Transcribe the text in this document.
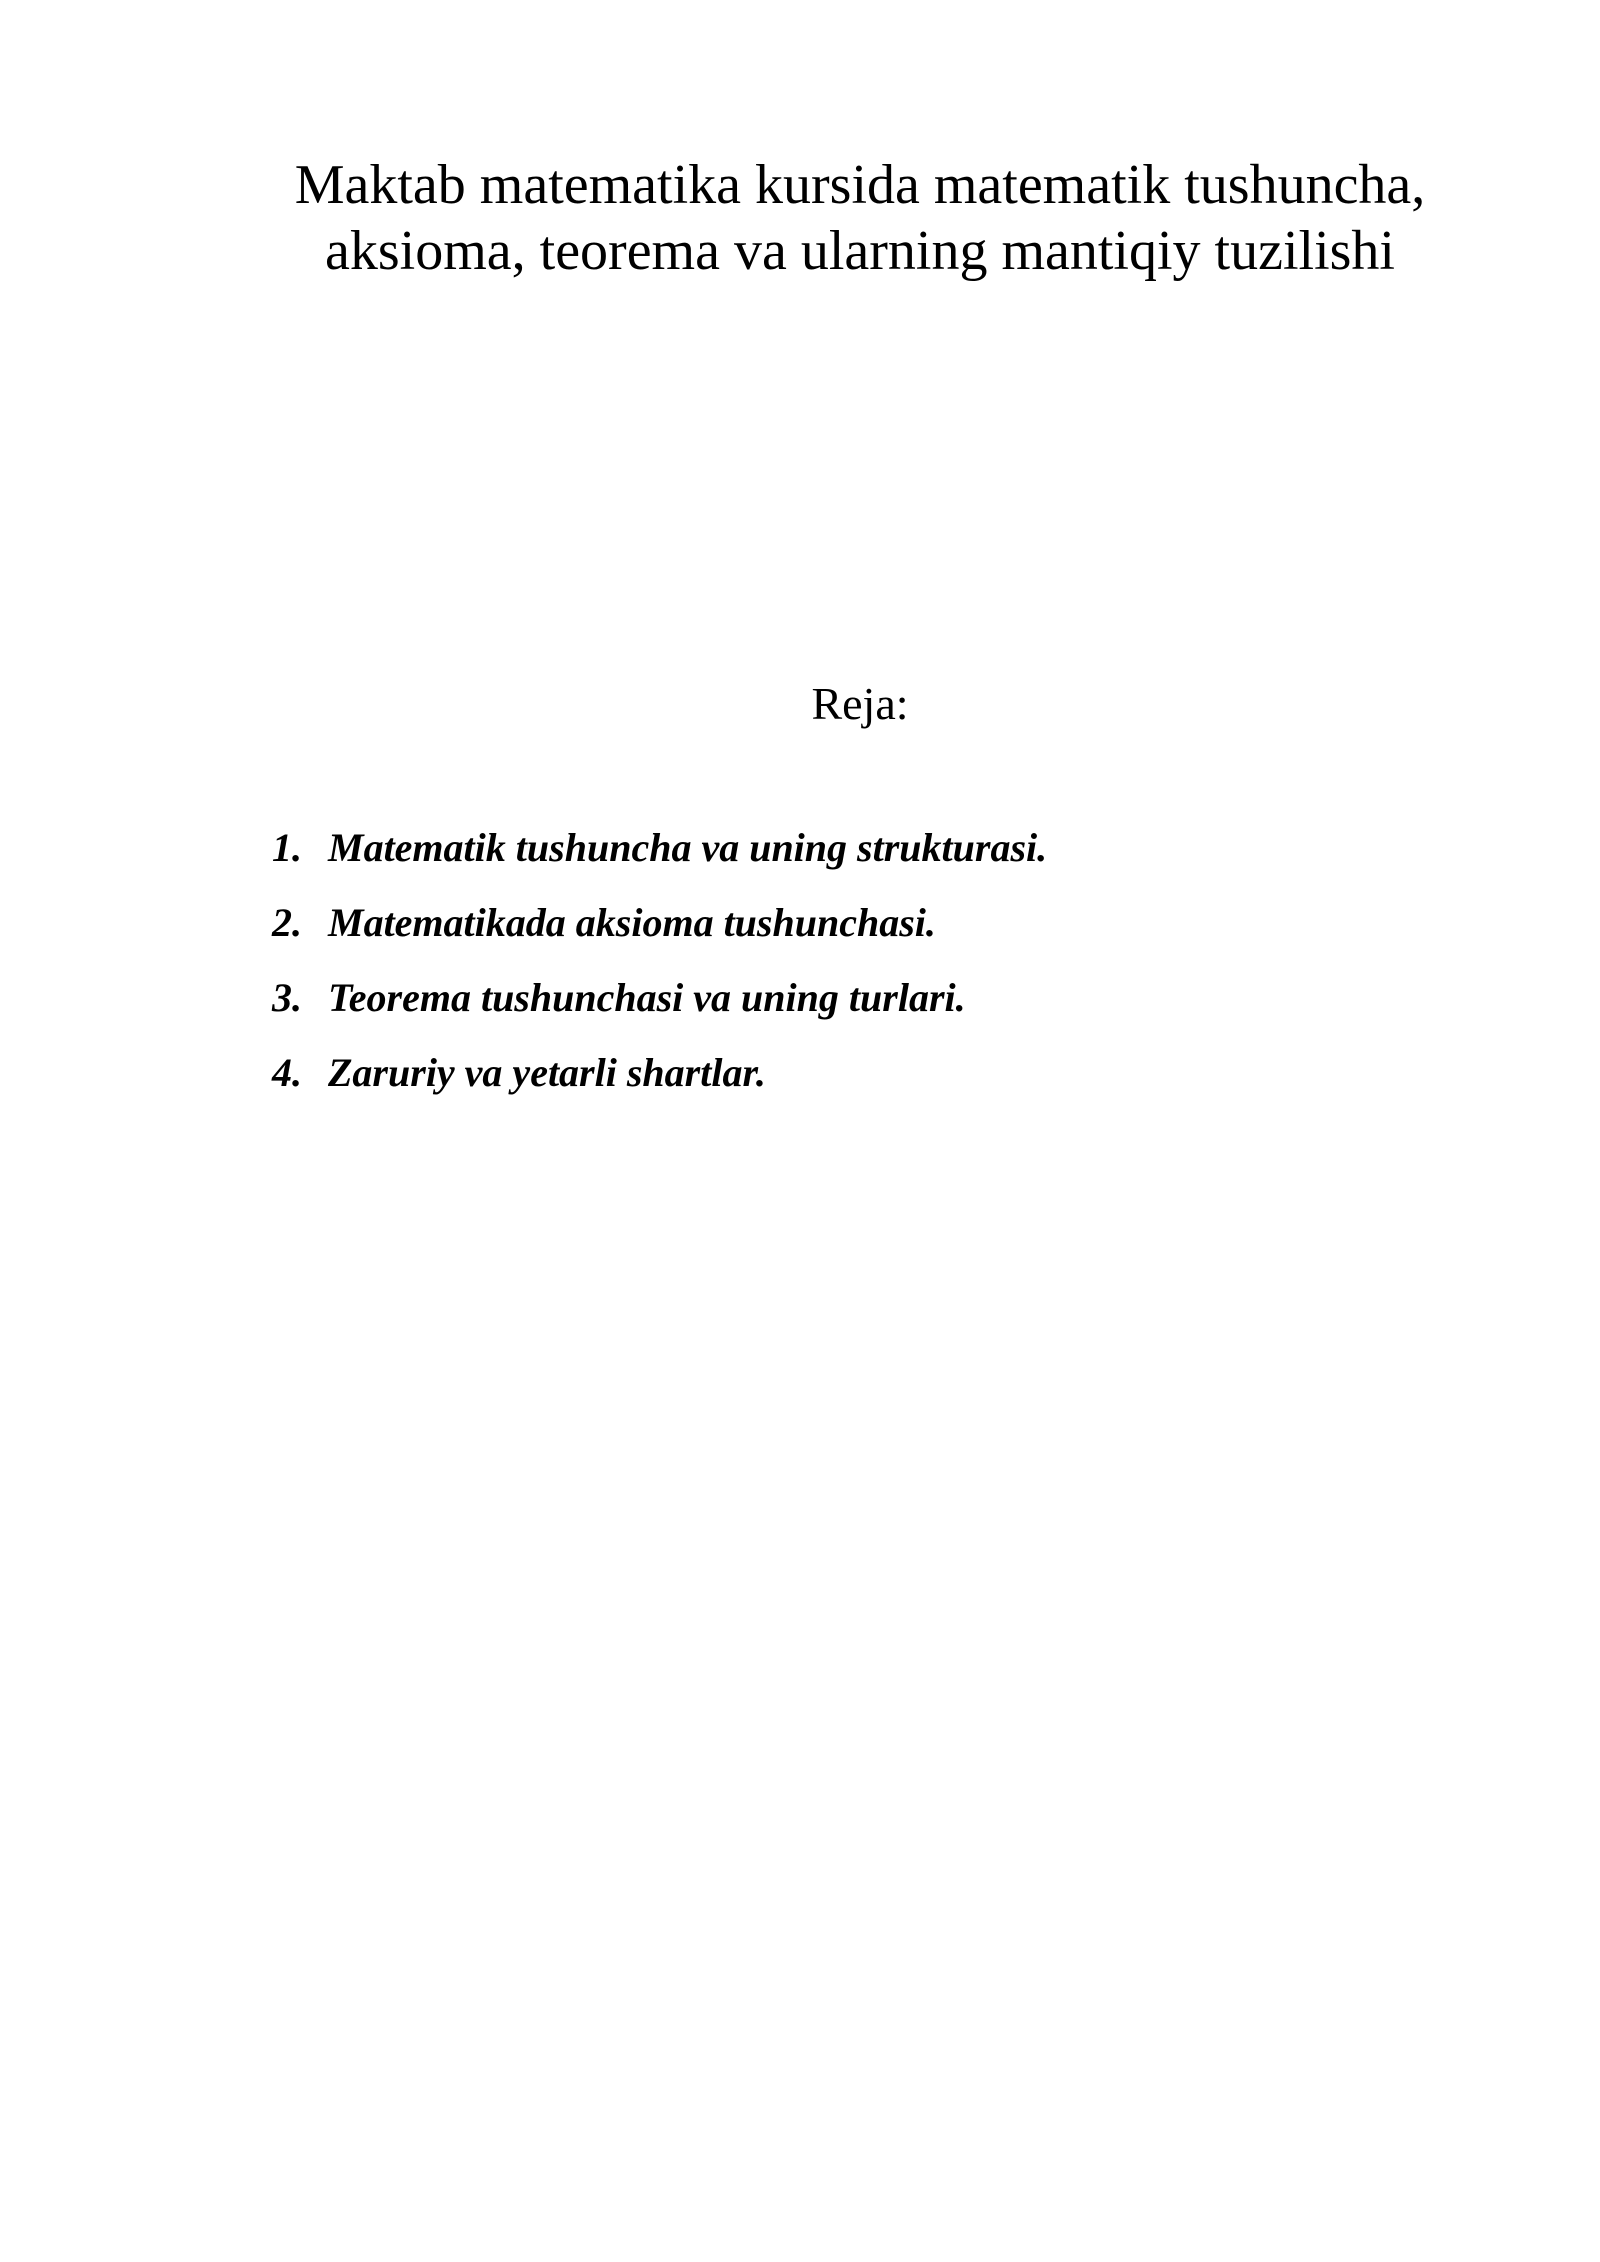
Maktab matematika kursida matematik tushuncha,
aksioma, teorema va ularning mantiqiy tuzilishi
Reja:
1. Matematik tushuncha va uning strukturasi.
2. Matematikada aksioma tushunchasi.
3. Teorema tushunchasi va uning turlari.
4. Zaruriy va yetarli shartlar.
